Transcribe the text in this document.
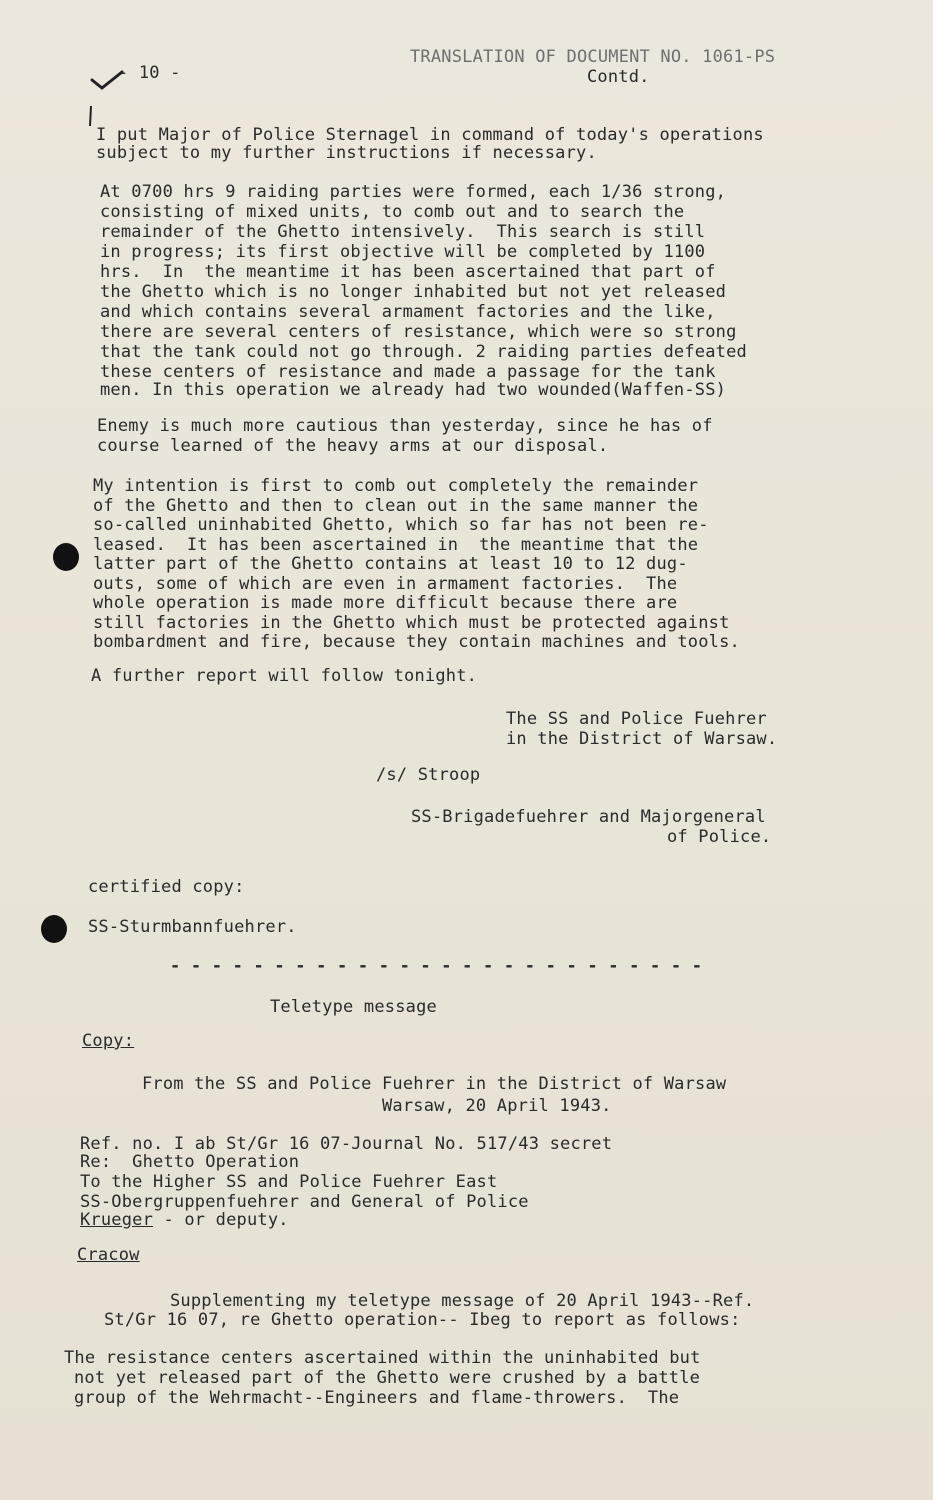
- 10 -
TRANSLATION OF DOCUMENT NO. 1061-PS
Contd.
I put Major of Police Sternagel in command of today's operations
subject to my further instructions if necessary.
At 0700 hrs 9 raiding parties were formed, each 1/36 strong,
consisting of mixed units, to comb out and to search the
remainder of the Ghetto intensively.  This search is still
in progress; its first objective will be completed by 1100
hrs.  In  the meantime it has been ascertained that part of
the Ghetto which is no longer inhabited but not yet released
and which contains several armament factories and the like,
there are several centers of resistance, which were so strong
that the tank could not go through. 2 raiding parties defeated
these centers of resistance and made a passage for the tank
men. In this operation we already had two wounded(Waffen-SS)
Enemy is much more cautious than yesterday, since he has of
course learned of the heavy arms at our disposal.
My intention is first to comb out completely the remainder
of the Ghetto and then to clean out in the same manner the
so-called uninhabited Ghetto, which so far has not been re-
leased.  It has been ascertained in  the meantime that the
latter part of the Ghetto contains at least 10 to 12 dug-
outs, some of which are even in armament factories.  The
whole operation is made more difficult because there are
still factories in the Ghetto which must be protected against
bombardment and fire, because they contain machines and tools.
A further report will follow tonight.
The SS and Police Fuehrer
in the District of Warsaw.
/s/ Stroop
SS-Brigadefuehrer and Majorgeneral
of Police.
certified copy:
SS-Sturmbannfuehrer.
- - - - - - - - - - - - - - - - - - - - - - - - - -
Teletype message
Copy:
From the SS and Police Fuehrer in the District of Warsaw
Warsaw, 20 April 1943.
Ref. no. I ab St/Gr 16 07-Journal No. 517/43 secret
Re:  Ghetto Operation
To the Higher SS and Police Fuehrer East
SS-Obergruppenfuehrer and General of Police
Krueger - or deputy.
Cracow
Supplementing my teletype message of 20 April 1943--Ref.
St/Gr 16 07, re Ghetto operation-- Ibeg to report as follows:
The resistance centers ascertained within the uninhabited but
not yet released part of the Ghetto were crushed by a battle
group of the Wehrmacht--Engineers and flame-throwers.  The
